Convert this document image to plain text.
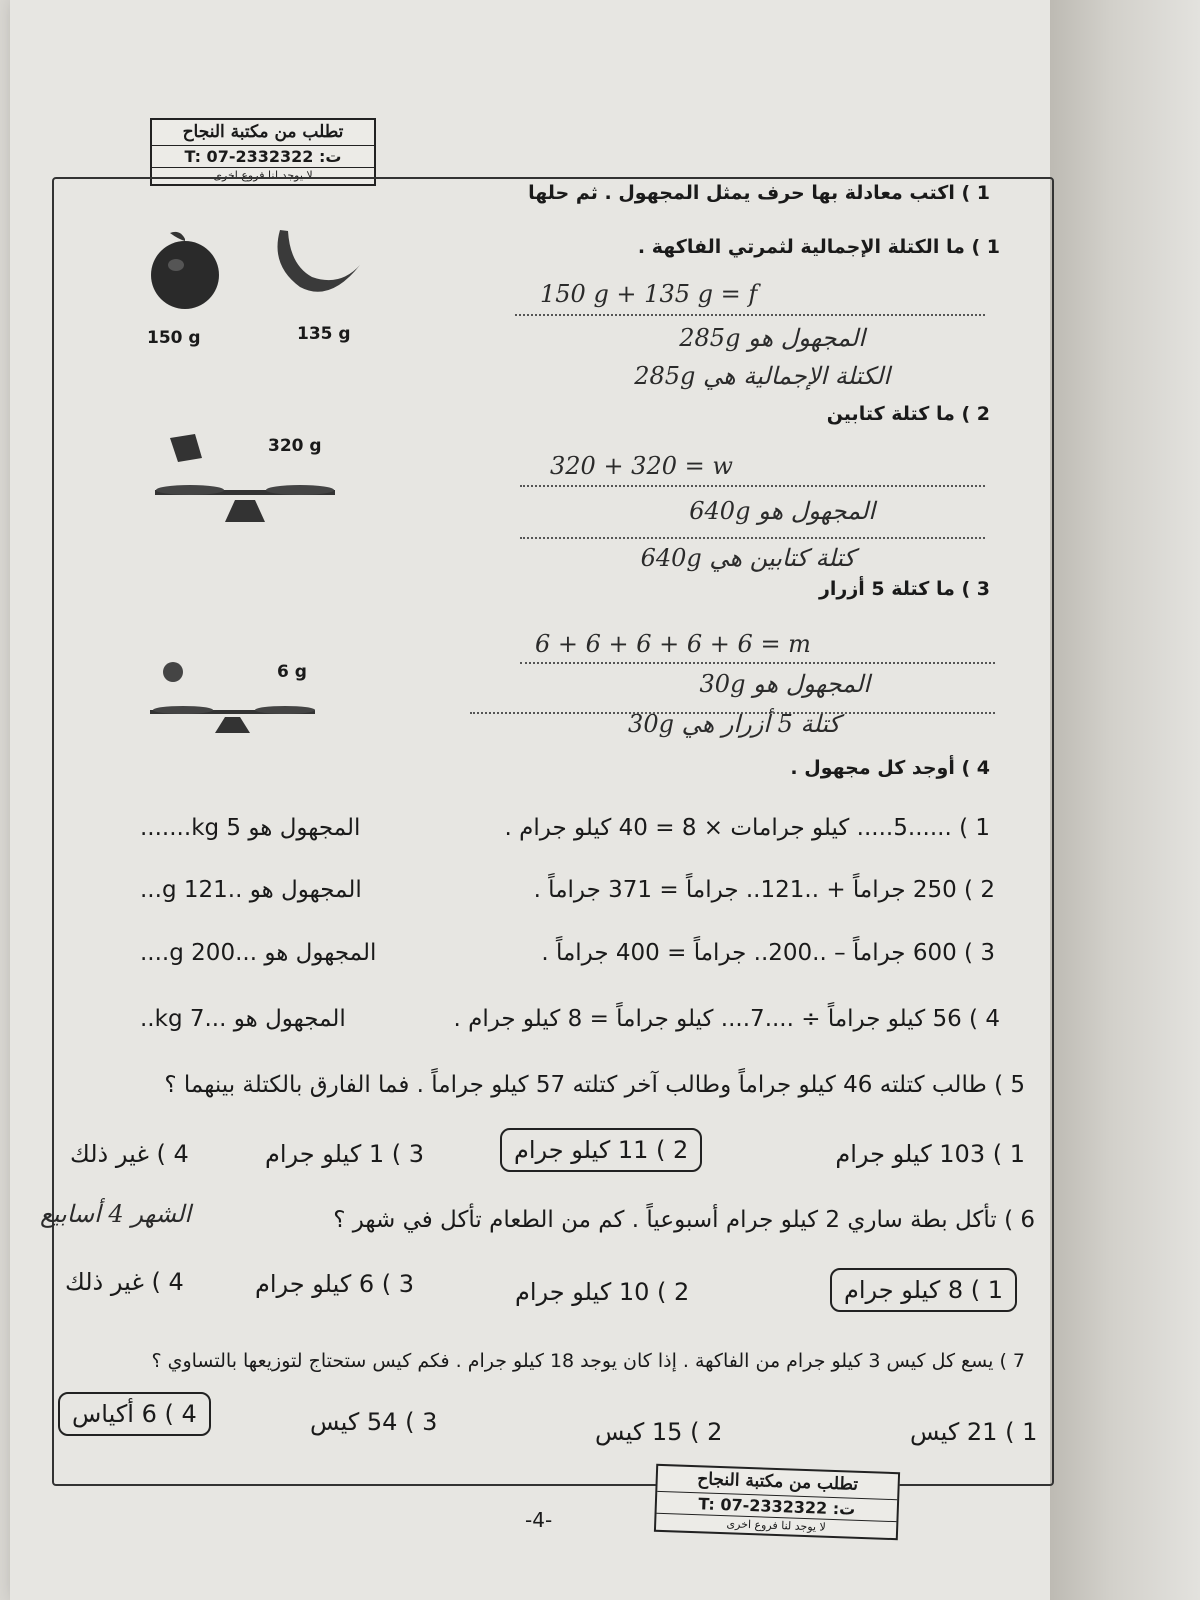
تطلب من مكتبة النجاح
ت: T: 07-2332322
لا يوجد لنا فروع اخرى
1 ) اكتب معادلة بها حرف يمثل المجهول . ثم حلها
1 ) ما الكتلة الإجمالية لثمرتي الفاكهة .
150 g	135 g
150 g + 135 g = f
المجهول هو 285g
الكتلة الإجمالية هي 285g
2 ) ما كتلة كتابين
320 g
320 + 320 = w
المجهول هو 640g
كتلة كتابين هي 640g
3 ) ما كتلة 5 أزرار
6 g
6 + 6 + 6 + 6 + 6 = m
المجهول هو 30g
كتلة 5 أزرار هي 30g
4 ) أوجد كل مجهول .
1 ) ......5..... كيلو جرامات × 8 = 40 كيلو جرام .
المجهول هو 5 kg.......
2 ) 250 جراماً + ..121.. جراماً = 371 جراماً .
المجهول هو ..121 g...
3 ) 600 جراماً – ..200.. جراماً = 400 جراماً .
المجهول هو ...200 g....
4 ) 56 كيلو جراماً ÷ ....7.... كيلو جراماً = 8 كيلو جرام .
المجهول هو ...7 kg..
5 ) طالب كتلته 46 كيلو جراماً وطالب آخر كتلته 57 كيلو جراماً . فما الفارق بالكتلة بينهما ؟
1 ) 103 كيلو جرام
2 ) 11 كيلو جرام
3 ) 1 كيلو جرام
4 ) غير ذلك
6 ) تأكل بطة ساري 2 كيلو جرام أسبوعياً . كم من الطعام تأكل في شهر ؟
الشهر 4 أسابيع
1 ) 8 كيلو جرام
2 ) 10 كيلو جرام
3 ) 6 كيلو جرام
4 ) غير ذلك
7 ) يسع كل كيس 3 كيلو جرام من الفاكهة . إذا كان يوجد 18 كيلو جرام . فكم كيس ستحتاج لتوزيعها بالتساوي ؟
1 ) 21 كيس
2 ) 15 كيس
3 ) 54 كيس
4 ) 6 أكياس
-4-
تطلب من مكتبة النجاح
ت: T: 07-2332322
لا يوجد لنا فروع اخرى
